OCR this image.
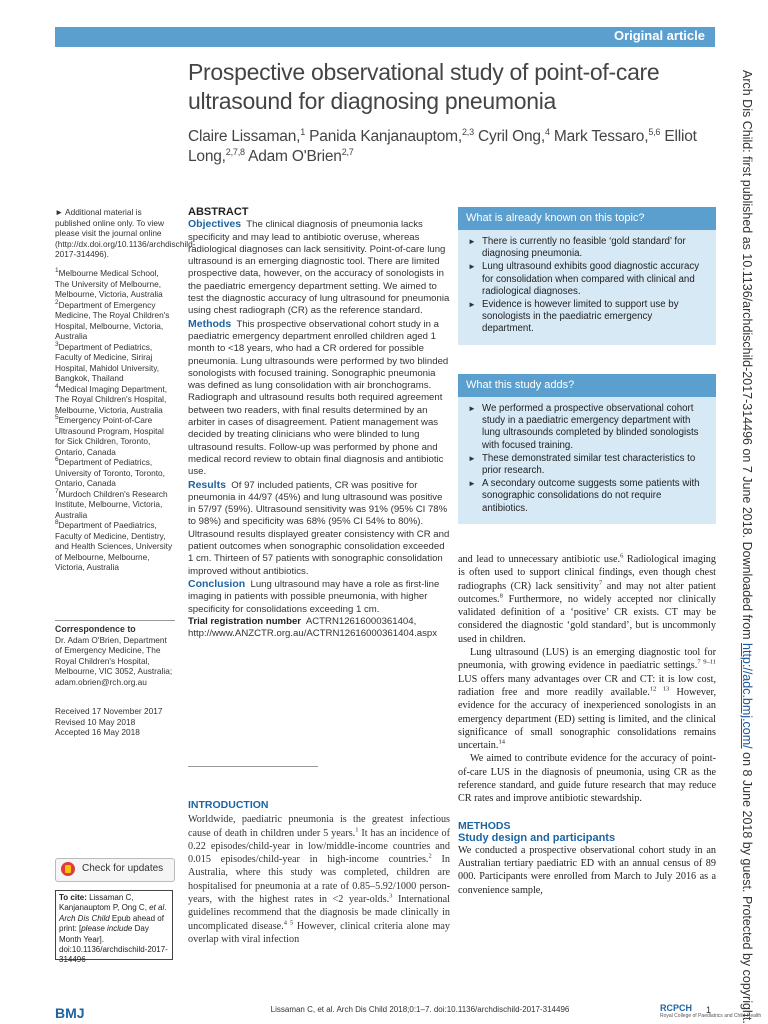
Original article
Prospective observational study of point-of-care ultrasound for diagnosing pneumonia
Claire Lissaman,$^1$ Panida Kanjanauptom,$^{2,3}$ Cyril Ong,$^4$ Mark Tessaro,$^{5,6}$ Elliot Long,$^{2,7,8}$ Adam O'Brien$^{2,7}$	Arch Dis Child: first published as 10.1136/archdischild-2017-314496 on 7 June 2018. Downloaded from http://adc.bmj.com/ on 8 June 2018 by guest. Protected by copyright.
► Additional material is published online only. To view please visit the journal online (http://dx.doi.org/10.1136/archdischild-2017-314496).
$^1$Melbourne Medical School, The University of Melbourne, Melbourne, Victoria, Australia
$^2$Department of Emergency Medicine, The Royal Children's Hospital, Melbourne, Victoria, Australia
$^3$Department of Pediatrics, Faculty of Medicine, Siriraj Hospital, Mahidol University, Bangkok, Thailand
$^4$Medical Imaging Department, The Royal Children's Hospital, Melbourne, Victoria, Australia
$^5$Emergency Point-of-Care Ultrasound Program, Hospital for Sick Children, Toronto, Ontario, Canada
$^6$Department of Pediatrics, University of Toronto, Toronto, Ontario, Canada
$^7$Murdoch Children's Research Institute, Melbourne, Victoria, Australia
$^8$Department of Paediatrics, Faculty of Medicine, Dentistry, and Health Sciences, University of Melbourne, Melbourne, Victoria, Australia
Correspondence to
Dr. Adam O'Brien, Department of Emergency Medicine, The Royal Children's Hospital, Melbourne, VIC 3052, Australia; adam.obrien@rch.org.au
Received 17 November 2017
Revised 10 May 2018
Accepted 16 May 2018
Check for updates
To cite: Lissaman C, Kanjanauptom P, Ong C, et al. Arch Dis Child Epub ahead of print: [please include Day Month Year]. doi:10.1136/archdischild-2017-314496
ABSTRACT
Objectives The clinical diagnosis of pneumonia lacks specificity and may lead to antibiotic overuse, whereas radiological diagnoses can lack sensitivity. Point-of-care lung ultrasound is an emerging diagnostic tool. There are limited prospective data, however, on the accuracy of sonologists in the paediatric emergency department setting. We aimed to test the diagnostic accuracy of lung ultrasound for pneumonia using chest radiograph (CR) as the reference standard.
Methods This prospective observational cohort study in a paediatric emergency department enrolled children aged 1 month to <18 years, who had a CR ordered for possible pneumonia. Lung ultrasounds were performed by two blinded sonologists with focused training. Sonographic pneumonia was defined as lung consolidation with air bronchograms. Radiograph and ultrasound results both required agreement between two readers, with final results determined by an arbiter in cases of disagreement. Patient management was decided by treating clinicians who were blinded to lung ultrasound results. Follow-up was performed by phone and medical record review to obtain final diagnosis and antibiotic use.
Results Of 97 included patients, CR was positive for pneumonia in 44/97 (45%) and lung ultrasound was positive in 57/97 (59%). Ultrasound sensitivity was 91% (95% CI 78% to 98%) and specificity was 68% (95% CI 54% to 80%). Ultrasound results displayed greater consistency with CR and patient outcomes when sonographic consolidation exceeded 1 cm. Thirteen of 57 patients with sonographic consolidation improved without antibiotics.
Conclusion Lung ultrasound may have a role as first-line imaging in patients with possible pneumonia, with higher specificity for consolidations exceeding 1 cm.
Trial registration number ACTRN12616000361404, http://www.ANZCTR.org.au/ACTRN12616000361404.aspx
INTRODUCTION
Worldwide, paediatric pneumonia is the greatest infectious cause of death in children under 5 years.$^1$ It has an incidence of 0.22 episodes/child-year in low/middle-income countries and 0.015 episodes/child-year in high-income countries.$^2$ In Australia, where this study was completed, children are hospitalised for pneumonia at a rate of 0.85–5.92/1000 person-years, with the highest rates in <2 year-olds.$^3$ International guidelines recommend that the diagnosis be made clinically in uncomplicated disease.$^{4 5}$ However, clinical criteria alone may overlap with viral infection
What is already known on this topic?
► There is currently no feasible ‘gold standard’ for diagnosing pneumonia.
► Lung ultrasound exhibits good diagnostic accuracy for consolidation when compared with clinical and radiological diagnoses.
► Evidence is however limited to support use by sonologists in the paediatric emergency department.
What this study adds?
► We performed a prospective observational cohort study in a paediatric emergency department with lung ultrasounds completed by blinded sonologists with focused training.
► These demonstrated similar test characteristics to prior research.
► A secondary outcome suggests some patients with sonographic consolidations do not require antibiotics.
and lead to unnecessary antibiotic use.$^6$ Radiological imaging is often used to support clinical findings, even though chest radiographs (CR) lack sensitivity$^7$ and may not alter patient outcomes.$^8$ Furthermore, no widely accepted nor clinically validated definition of a ‘positive’ CR exists. CT may be considered the diagnostic ‘gold standard’, but is uncommonly used in children.
Lung ultrasound (LUS) is an emerging diagnostic tool for pneumonia, with growing evidence in paediatric settings.$^{7 9-11}$ LUS offers many advantages over CR and CT: it is low cost, radiation free and more readily available.$^{12 13}$ However, evidence for the accuracy of inexperienced sonologists in an emergency department (ED) setting is limited, and the clinical significance of small sonographic consolidations remains uncertain.$^{14}$
We aimed to contribute evidence for the accuracy of point-of-care LUS in the diagnosis of pneumonia, using CR as the reference standard, and guide future research that may reduce CR rates and improve antibiotic stewardship.
METHODS
Study design and participants
We conducted a prospective observational cohort study in an Australian tertiary paediatric ED with an annual census of 89 000. Participants were enrolled from March to July 2016 as a convenience sample,
BMJ	Lissaman C, et al. Arch Dis Child 2018;0:1–7. doi:10.1136/archdischild-2017-314496	RCPCH
Royal College of Paediatrics and Child Health
1
